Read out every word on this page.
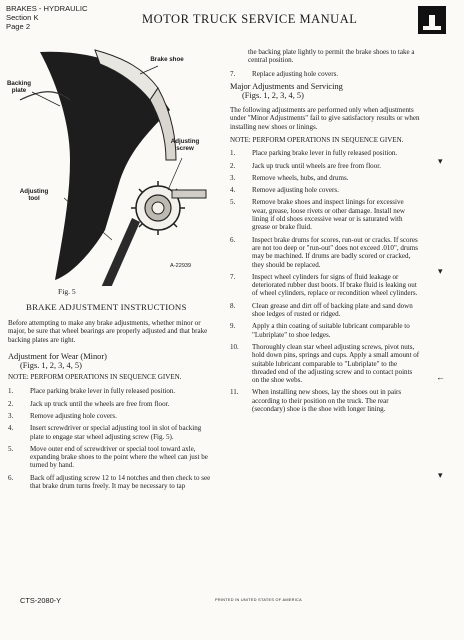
BRAKES - HYDRAULIC
Section K
Page 2
MOTOR TRUCK SERVICE MANUAL
Brake shoe
Backing plate
Adjusting screw
Adjusting tool
A-22939
Fig. 5

BRAKE ADJUSTMENT INSTRUCTIONS

Before attempting to make any brake adjustments, whether minor or major, be sure that wheel bearings are properly adjusted and that brake backing plates are tight.

Adjustment for Wear (Minor)

(Figs. 1, 2, 3, 4, 5)

NOTE: PERFORM OPERATIONS IN SEQUENCE GIVEN.

1. Place parking brake lever in fully released position.
2. Jack up truck until the wheels are free from floor.
3. Remove adjusting hole covers.
4. Insert screwdriver or special adjusting tool in slot of backing plate to engage star wheel adjusting screw (Fig. 5).
5. Move outer end of screwdriver or special tool toward axle, expanding brake shoes to the point where the wheel can just be turned by hand.
6. Back off adjusting screw 12 to 14 notches and then check to see that brake drum turns freely. It may be necessary to tap

the backing plate lightly to permit the brake shoes to take a central position.

7. Replace adjusting hole covers.

Major Adjustments and Servicing

(Figs. 1, 2, 3, 4, 5)

The following adjustments are performed only when adjustments under "Minor Adjustments" fail to give satisfactory results or when installing new shoes or linings.

NOTE: PERFORM OPERATIONS IN SEQUENCE GIVEN.

1. Place parking brake lever in fully released position.
2. Jack up truck until wheels are free from floor.
3. Remove wheels, hubs, and drums.
4. Remove adjusting hole covers.
5. Remove brake shoes and inspect linings for excessive wear, grease, loose rivets or other damage. Install new lining if old shoes excessive wear or is saturated with grease or brake fluid.
6. Inspect brake drums for scores, run-out or cracks. If scores are not too deep or "run-out" does not exceed .010", drums may be machined. If drums are badly scored or cracked, they should be replaced.
7. Inspect wheel cylinders for signs of fluid leakage or deteriorated rubber dust boots. If brake fluid is leaking out of wheel cylinders, replace or recondition wheel cylinders.
8. Clean grease and dirt off of backing plate and sand down shoe ledges of rusted or ridged.
9. Apply a thin coating of suitable lubricant comparable to "Lubriplate" to shoe ledges.
10. Thoroughly clean star wheel adjusting screws, pivot nuts, hold down pins, springs and cups. Apply a small amount of suitable lubricant comparable to "Lubriplate" to the threaded end of the adjusting screw and to contact points on the shoe webs.
11. When installing new shoes, lay the shoes out in pairs according to their position on the truck. The rear (secondary) shoe is the shoe with longer lining.
▾
▾
←
▾
CTS-2080-Y	PRINTED IN UNITED STATES OF AMERICA
